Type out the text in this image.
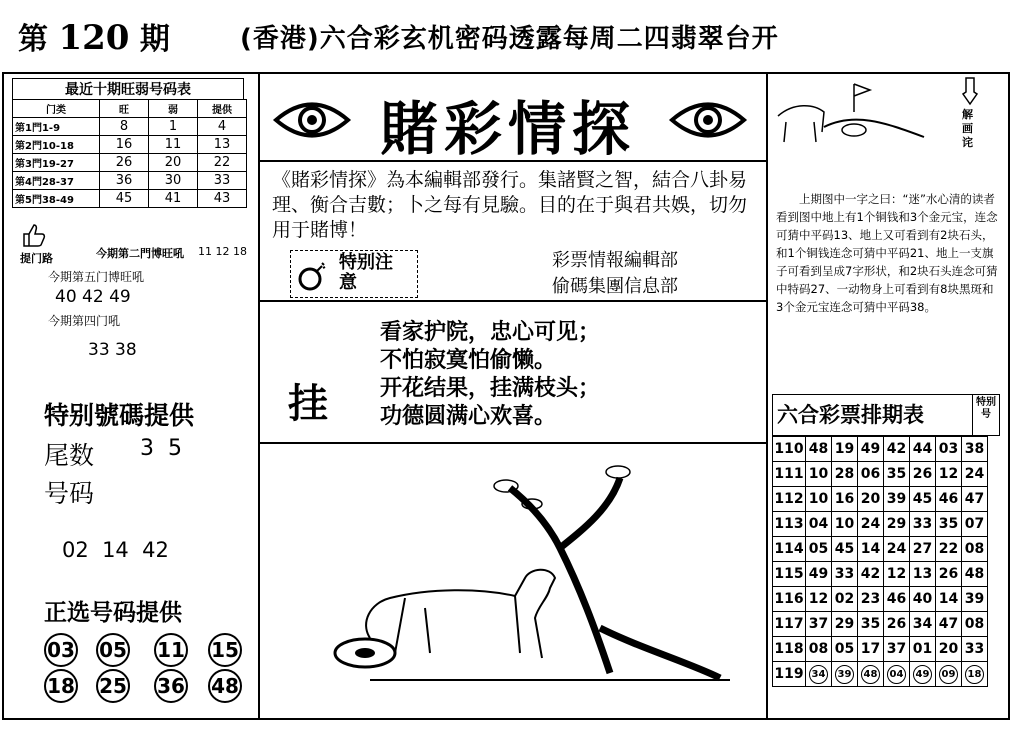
第 120 期	(香港)六合彩玄机密码透露每周二四翡翠台开
最近十期旺弱号码表
门类	旺	弱	提供
第1門1-9	8	1	4
第2門10-18	16	11	13
第3門19-27	26	20	22
第4門28-37	36	30	33
第5門38-49	45	41	43
提门路	今期第二門博旺吼 11 12 18
今期第五门博旺吼
40 42 49
今期第四门吼
33 38
特别號碼提供
尾数 3  5
号码
02  14  42
正选号码提供
03 05 11 15
18 25 36 48
賭彩情探
《賭彩情探》為本編輯部發行。集諸賢之智，結合八卦易理、衡合吉數；卜之每有見驗。目的在于與君共娛，切勿用于賭博！
特别注意
彩票情報編輯部
偷碼集團信息部
挂
看家护院，忠心可见；
不怕寂寞怕偷懒。
开花结果，挂满枝头；
功德圆满心欢喜。
解画诧
上期图中一字之曰：“迷”水心清的读者看到图中地上有1个铜钱和3个金元宝，连念可猜中平码13、地上又可看到有2块石头，和1个铜钱连念可猜中平码21、地上一支旗子可看到呈成7字形状，和2块石头连念可猜中特码27、一动物身上可看到有8块黑斑和3个金元宝连念可猜中平码38。
六合彩票排期表
特别号
110	48	19	49	42	44	03	38
111	10	28	06	35	26	12	24
112	10	16	20	39	45	46	47
113	04	10	24	29	33	35	07
114	05	45	14	24	27	22	08
115	49	33	42	12	13	26	48
116	12	02	23	46	40	14	39
117	37	29	35	26	34	47	08
118	08	05	17	37	01	20	33
119	34	39	48	04	49	09	18
